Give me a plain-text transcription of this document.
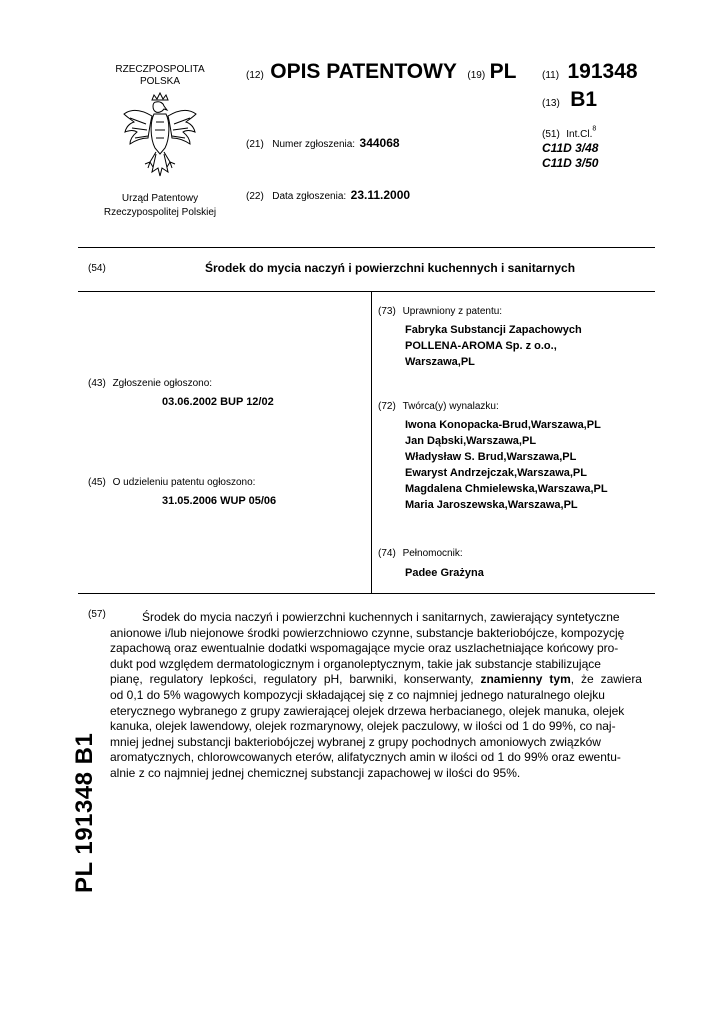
RZECZPOSPOLITA
POLSKA
Urząd Patentowy
Rzeczypospolitej Polskiej
(12) OPIS PATENTOWY (19) PL	(11) 191348
(13) B1
(21) Numer zgłoszenia: 344068
(51) Int.Cl.$^8$
C11D 3/48
C11D 3/50
(22) Data zgłoszenia: 23.11.2000
(54)	Środek do mycia naczyń i powierzchni kuchennych i sanitarnych
(43) Zgłoszenie ogłoszono:
03.06.2002 BUP 12/02
(45) O udzieleniu patentu ogłoszono:
31.05.2006 WUP 05/06
(73) Uprawniony z patentu:
Fabryka Substancji Zapachowych
POLLENA-AROMA Sp. z o.o.,
Warszawa,PL
(72) Twórca(y) wynalazku:
Iwona Konopacka-Brud,Warszawa,PL
Jan Dąbski,Warszawa,PL
Władysław S. Brud,Warszawa,PL
Ewaryst Andrzejczak,Warszawa,PL
Magdalena Chmielewska,Warszawa,PL
Maria Jaroszewska,Warszawa,PL
(74) Pełnomocnik:
Padee Grażyna
(57)	Środek do mycia naczyń i powierzchni kuchennych i sanitarnych, zawierający syntetyczne
anionowe i/lub niejonowe środki powierzchniowo czynne, substancje bakteriobójcze, kompozycję
zapachową oraz ewentualnie dodatki wspomagające mycie oraz uszlachetniające końcowy pro-
dukt pod względem dermatologicznym i organoleptycznym, takie jak substancje stabilizujące
pianę, regulatory lepkości, regulatory pH, barwniki, konserwanty, znamienny tym, że zawiera
od 0,1 do 5% wagowych kompozycji składającej się z co najmniej jednego naturalnego olejku
eterycznego wybranego z grupy zawierającej olejek drzewa herbacianego, olejek manuka, olejek
kanuka, olejek lawendowy, olejek rozmarynowy, olejek paczulowy, w ilości od 1 do 99%, co naj-
mniej jednej substancji bakteriobójczej wybranej z grupy pochodnych amoniowych związków
aromatycznych, chlorowcowanych eterów, alifatycznych amin w ilości od 1 do 99% oraz ewentu-
alnie z co najmniej jednej chemicznej substancji zapachowej w ilości do 95%.
PL 191348 B1
